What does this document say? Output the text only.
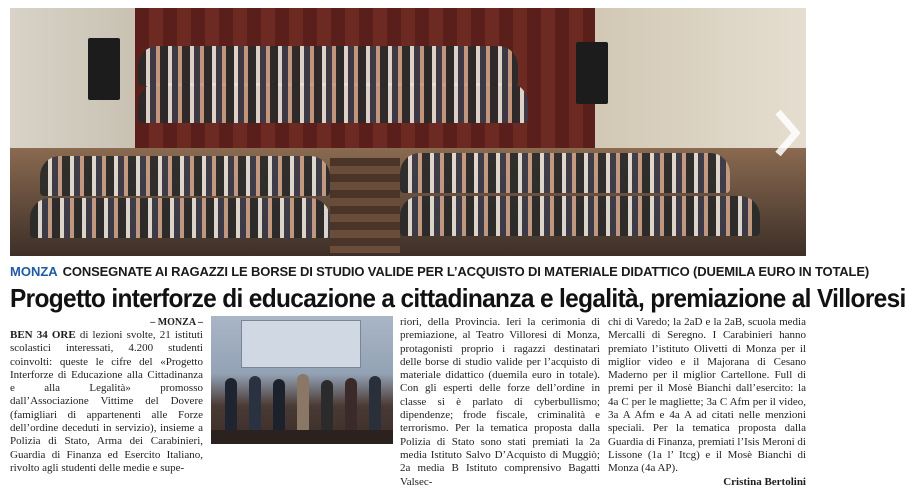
MONZA CONSEGNATE AI RAGAZZI LE BORSE DI STUDIO VALIDE PER L’ACQUISTO DI MATERIALE DIDATTICO (DUEMILA EURO IN TOTALE)
Progetto interforze di educazione a cittadinanza e legalità, premiazione al Villoresi
– MONZA –
BEN 34 ORE di lezioni svolte, 21 istituti scolastici interessati, 4.200 studenti coinvolti: queste le cifre del «Progetto Interforze di Educazione alla Cittadinanza e alla Legalità» promosso dall’Associazione Vittime del Dovere (famigliari di appartenenti alle Forze dell’ordine deceduti in servizio), insieme a Polizia di Stato, Arma dei Carabinieri, Guardia di Finanza ed Esercito Italiano, rivolto agli studenti delle medie e supe-
riori, della Provincia. Ieri la cerimonia di premiazione, al Teatro Villoresi di Monza, protagonisti proprio i ragazzi destinatari delle borse di studio valide per l’acquisto di materiale didattico (duemila euro in totale). Con gli esperti delle forze dell’ordine in classe si è parlato di cyberbullismo; dipendenze; frode fiscale, criminalità e terrorismo. Per la tematica proposta dalla Polizia di Stato sono stati premiati la 2a media Istituto Salvo D’Acquisto di Muggiò; 2a media B Istituto comprensivo Bagatti Valsec-
chi di Varedo; la 2aD e la 2aB, scuola media Mercalli di Seregno. I Carabinieri hanno premiato l’istituto Olivetti di Monza per il miglior video e il Majorana di Cesano Maderno per il miglior Cartellone. Full di premi per il Mosè Bianchi dall’esercito: la 4a C per le magliette; 3a C Afm per il video, 3a A Afm e 4a A ad citati nelle menzioni speciali. Per la tematica proposta dalla Guardia di Finanza, premiati l’Isis Meroni di Lissone (1a l’ Itcg) e il Mosè Bianchi di Monza (4a AP).
Cristina Bertolini
